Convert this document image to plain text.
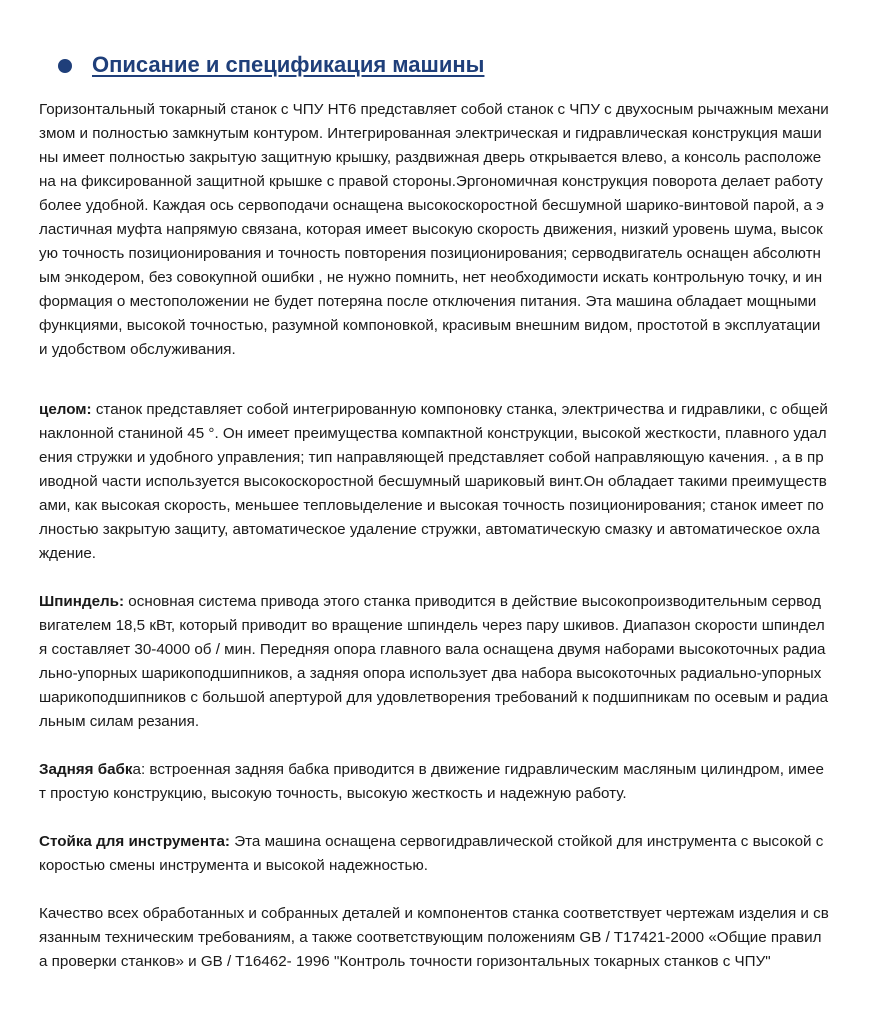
Описание и спецификация машины

Горизонтальный токарный станок с ЧПУ HT6 представляет собой станок с ЧПУ с двухосным рычажным механизмом и полностью замкнутым контуром. Интегрированная электрическая и гидравлическая конструкция машины имеет полностью закрытую защитную крышку, раздвижная дверь открывается влево, а консоль расположена на фиксированной защитной крышке с правой стороны.Эргономичная конструкция поворота делает работу более удобной. Каждая ось сервоподачи оснащена высокоскоростной бесшумной шарико-винтовой парой, а эластичная муфта напрямую связана, которая имеет высокую скорость движения, низкий уровень шума, высокую точность позиционирования и точность повторения позиционирования; серводвигатель оснащен абсолютным энкодером, без совокупной ошибки , не нужно помнить, нет необходимости искать контрольную точку, и информация о местоположении не будет потеряна после отключения питания. Эта машина обладает мощными функциями, высокой точностью, разумной компоновкой, красивым внешним видом, простотой в эксплуатации и удобством обслуживания.

целом: станок представляет собой интегрированную компоновку станка, электричества и гидравлики, с общей наклонной станиной 45 °. Он имеет преимущества компактной конструкции, высокой жесткости, плавного удаления стружки и удобного управления; тип направляющей представляет собой направляющую качения. , а в приводной части используется высокоскоростной бесшумный шариковый винт.Он обладает такими преимуществами, как высокая скорость, меньшее тепловыделение и высокая точность позиционирования; станок имеет полностью закрытую защиту, автоматическое удаление стружки, автоматическую смазку и автоматическое охлаждение.

Шпиндель: основная система привода этого станка приводится в действие высокопроизводительным серводвигателем 18,5 кВт, который приводит во вращение шпиндель через пару шкивов. Диапазон скорости шпинделя составляет 30-4000 об / мин. Передняя опора главного вала оснащена двумя наборами высокоточных радиально-упорных шарикоподшипников, а задняя опора использует два набора высокоточных радиально-упорных шарикоподшипников с большой апертурой для удовлетворения требований к подшипникам по осевым и радиальным силам резания.

Задняя бабка: встроенная задняя бабка приводится в движение гидравлическим масляным цилиндром, имеет простую конструкцию, высокую точность, высокую жесткость и надежную работу.

Стойка для инструмента: Эта машина оснащена сервогидравлической стойкой для инструмента с высокой скоростью смены инструмента и высокой надежностью.

Качество всех обработанных и собранных деталей и компонентов станка соответствует чертежам изделия и связанным техническим требованиям, а также соответствующим положениям GB / T17421-2000 «Общие правила проверки станков» и GB / T16462- 1996 "Контроль точности горизонтальных токарных станков с ЧПУ"
